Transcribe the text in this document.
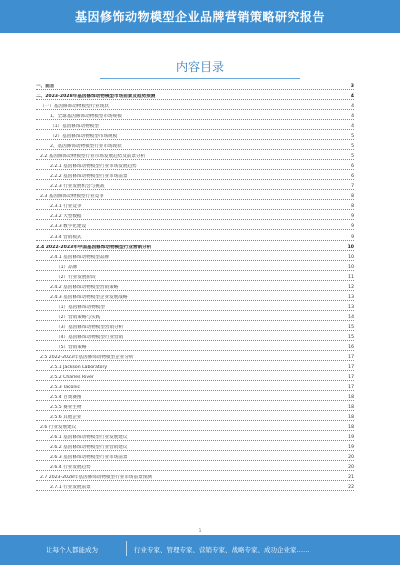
基因修饰动物模型企业品牌营销策略研究报告
内容目录
一、前言	3
二、2023-2028年基因修饰动物模型市场前景及趋势预测	4
（一）基因修饰动物模型行业现状	4
1、全球基因修饰动物模型市场规模	4
（1）基因修饰动物模型	4
（2）基因修饰动物模型市场规模	5
2、基因修饰动物模型行业市场现状	5
2.2 基因修饰动物模型行业市场发展趋势及前景分析	5
2.2.1 基因修饰动物模型行业市场发展趋势	6
2.2.2 基因修饰动物模型行业市场前景	6
2.2.3 行业发展机会与挑战	7
2.3 基因修饰动物模型行业竞争	8
2.3.1 行业竞争	8
2.3.2 大型数据	9
2.3.3 数字化建设	9
2.3.4 营销模式	9
2.4 2022-2023年中国基因修饰动物模型行业营销分析	10
2.4.1 基因修饰动物模型品牌	10
（1）品牌	10
（2）行业发展阶段	11
2.4.2 基因修饰动物模型营销策略	12
2.4.3 基因修饰动物模型企业发展战略	13
（1）基因修饰动物模型	13
（2）营销策略与实践	14
（3）基因修饰动物模型营销分析	15
（4）基因修饰动物模型行业营销	15
（5）营销策略	16
2.5 2022-2023年基因修饰动物模型企业分析	17
2.5.1 Jackson Laboratory	17
2.5.2 Charles River	17
2.5.3 Taconic	17
2.5.4 百奥赛图	18
2.5.5 赛业生物	18
2.5.6 其他企业	18
2.6 行业发展建议	18
2.6.1 基因修饰动物模型行业发展建议	19
2.6.2 基因修饰动物模型行业营销建议	19
2.6.3 基因修饰动物模型行业市场前景	20
2.6.4 行业发展趋势	20
2.7 2023-2028年基因修饰动物模型行业市场前景预测	21
2.7.1 行业发展前景	22
1
让每个人都能成为	行业专家、管理专家、营销专家、战略专家、成功企业家……
